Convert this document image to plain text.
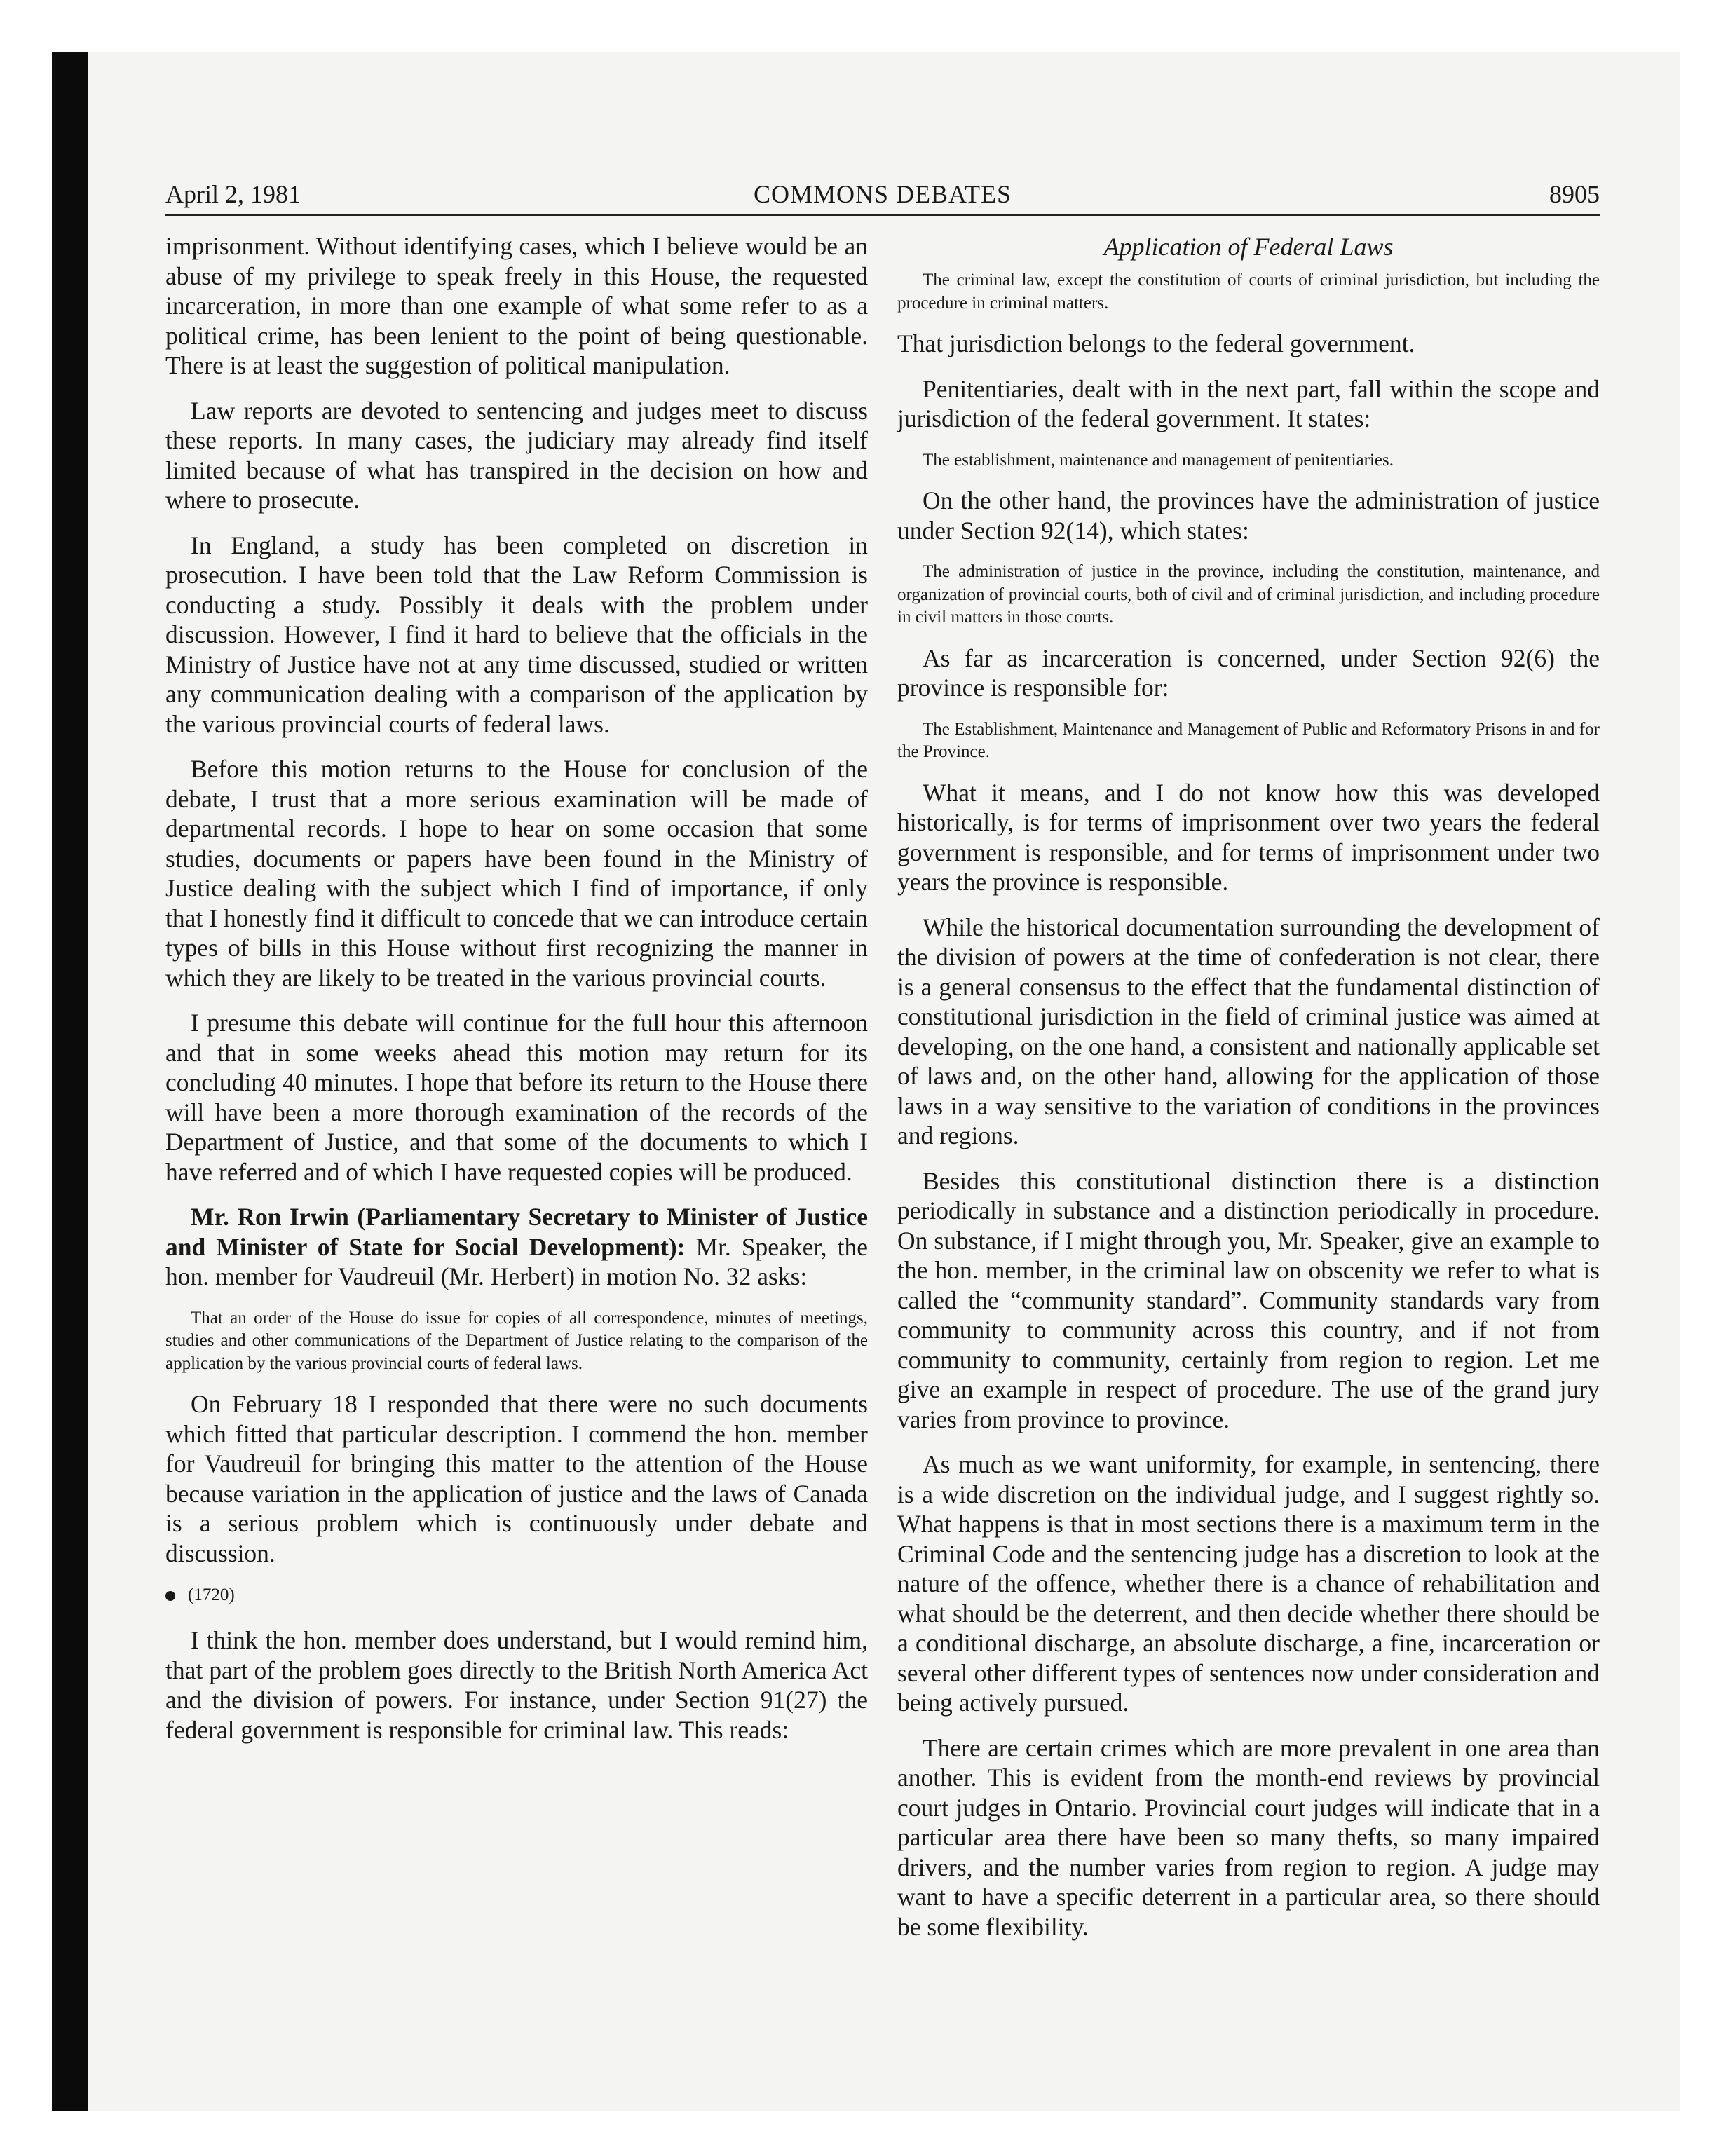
April 2, 1981	COMMONS DEBATES	8905

imprisonment. Without identifying cases, which I believe would be an abuse of my privilege to speak freely in this House, the requested incarceration, in more than one example of what some refer to as a political crime, has been lenient to the point of being questionable. There is at least the suggestion of political manipulation.

Law reports are devoted to sentencing and judges meet to discuss these reports. In many cases, the judiciary may already find itself limited because of what has transpired in the decision on how and where to prosecute.

In England, a study has been completed on discretion in prosecution. I have been told that the Law Reform Commission is conducting a study. Possibly it deals with the problem under discussion. However, I find it hard to believe that the officials in the Ministry of Justice have not at any time discussed, studied or written any communication dealing with a comparison of the application by the various provincial courts of federal laws.

Before this motion returns to the House for conclusion of the debate, I trust that a more serious examination will be made of departmental records. I hope to hear on some occasion that some studies, documents or papers have been found in the Ministry of Justice dealing with the subject which I find of importance, if only that I honestly find it difficult to concede that we can introduce certain types of bills in this House without first recognizing the manner in which they are likely to be treated in the various provincial courts.

I presume this debate will continue for the full hour this afternoon and that in some weeks ahead this motion may return for its concluding 40 minutes. I hope that before its return to the House there will have been a more thorough examination of the records of the Department of Justice, and that some of the documents to which I have referred and of which I have requested copies will be produced.

Mr. Ron Irwin (Parliamentary Secretary to Minister of Justice and Minister of State for Social Development): Mr. Speaker, the hon. member for Vaudreuil (Mr. Herbert) in motion No. 32 asks:

That an order of the House do issue for copies of all correspondence, minutes of meetings, studies and other communications of the Department of Justice relating to the comparison of the application by the various provincial courts of federal laws.

On February 18 I responded that there were no such documents which fitted that particular description. I commend the hon. member for Vaudreuil for bringing this matter to the attention of the House because variation in the application of justice and the laws of Canada is a serious problem which is continuously under debate and discussion.

(1720)

I think the hon. member does understand, but I would remind him, that part of the problem goes directly to the British North America Act and the division of powers. For instance, under Section 91(27) the federal government is responsible for criminal law. This reads:

Application of Federal Laws

The criminal law, except the constitution of courts of criminal jurisdiction, but including the procedure in criminal matters.

That jurisdiction belongs to the federal government.

Penitentiaries, dealt with in the next part, fall within the scope and jurisdiction of the federal government. It states:

The establishment, maintenance and management of penitentiaries.

On the other hand, the provinces have the administration of justice under Section 92(14), which states:

The administration of justice in the province, including the constitution, maintenance, and organization of provincial courts, both of civil and of criminal jurisdiction, and including procedure in civil matters in those courts.

As far as incarceration is concerned, under Section 92(6) the province is responsible for:

The Establishment, Maintenance and Management of Public and Reformatory Prisons in and for the Province.

What it means, and I do not know how this was developed historically, is for terms of imprisonment over two years the federal government is responsible, and for terms of imprisonment under two years the province is responsible.

While the historical documentation surrounding the development of the division of powers at the time of confederation is not clear, there is a general consensus to the effect that the fundamental distinction of constitutional jurisdiction in the field of criminal justice was aimed at developing, on the one hand, a consistent and nationally applicable set of laws and, on the other hand, allowing for the application of those laws in a way sensitive to the variation of conditions in the provinces and regions.

Besides this constitutional distinction there is a distinction periodically in substance and a distinction periodically in procedure. On substance, if I might through you, Mr. Speaker, give an example to the hon. member, in the criminal law on obscenity we refer to what is called the “community standard”. Community standards vary from community to community across this country, and if not from community to community, certainly from region to region. Let me give an example in respect of procedure. The use of the grand jury varies from province to province.

As much as we want uniformity, for example, in sentencing, there is a wide discretion on the individual judge, and I suggest rightly so. What happens is that in most sections there is a maximum term in the Criminal Code and the sentencing judge has a discretion to look at the nature of the offence, whether there is a chance of rehabilitation and what should be the deterrent, and then decide whether there should be a conditional discharge, an absolute discharge, a fine, incarceration or several other different types of sentences now under consideration and being actively pursued.

There are certain crimes which are more prevalent in one area than another. This is evident from the month-end reviews by provincial court judges in Ontario. Provincial court judges will indicate that in a particular area there have been so many thefts, so many impaired drivers, and the number varies from region to region. A judge may want to have a specific deterrent in a particular area, so there should be some flexibility.
